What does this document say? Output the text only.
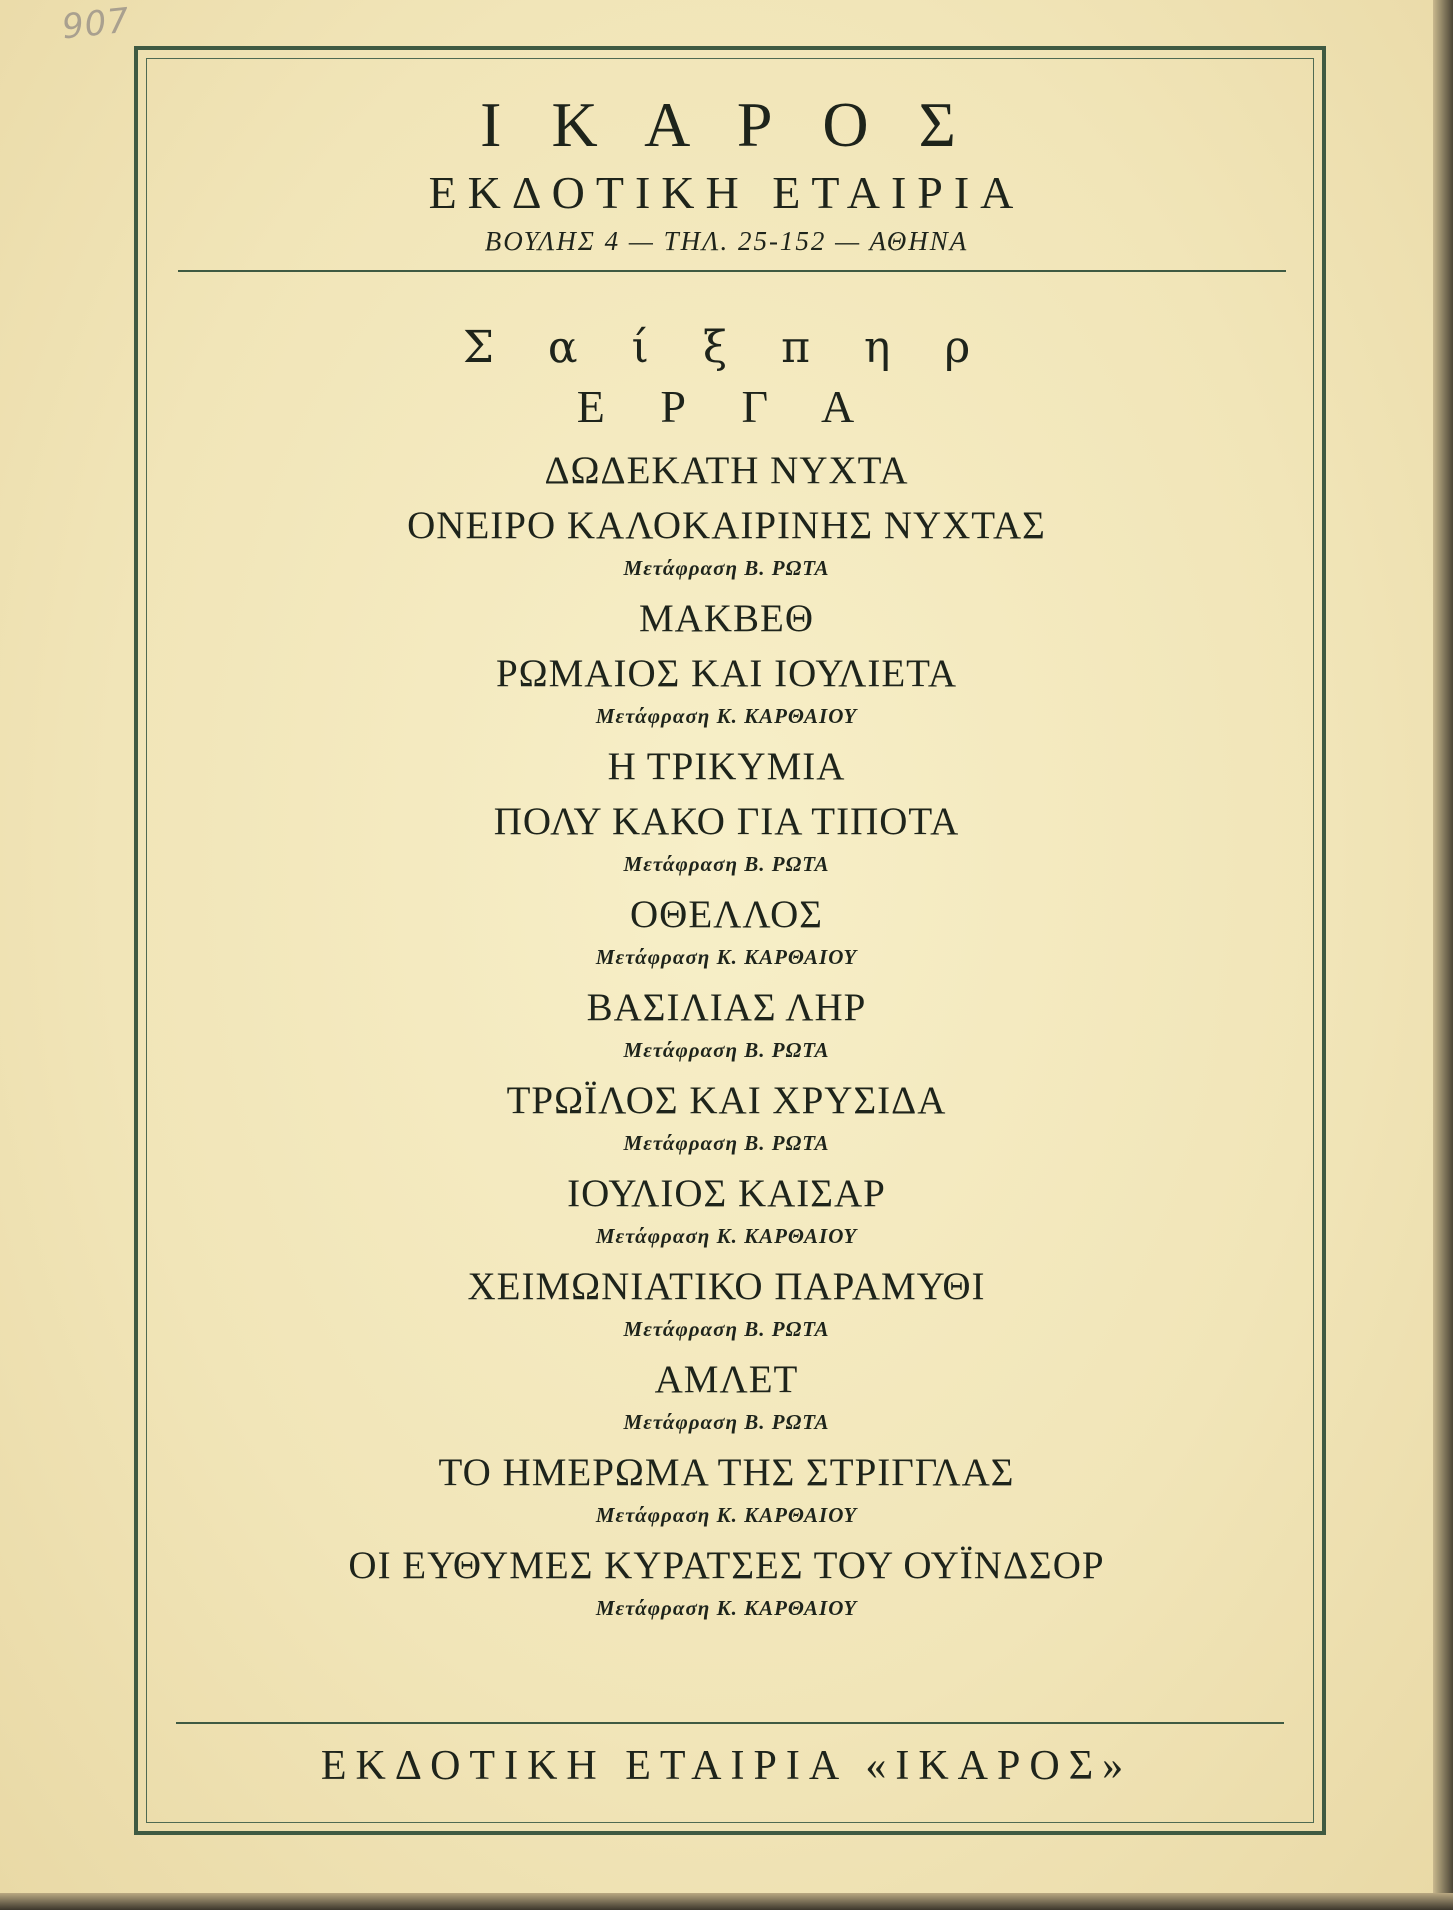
907
Ι Κ Α Ρ Ο Σ
ΕΚΔΟΤΙΚΗ ΕΤΑΙΡΙΑ
ΒΟΥΛΗΣ 4 — ΤΗΛ. 25-152 — ΑΘΗΝΑ
Σ α ί ξ π η ρ
Ε Ρ Γ Α
ΔΩΔΕΚΑΤΗ ΝΥΧΤΑ
ΟΝΕΙΡΟ ΚΑΛΟΚΑΙΡΙΝΗΣ ΝΥΧΤΑΣ
Μετάφραση Β. ΡΩΤΑ
ΜΑΚΒΕΘ
ΡΩΜΑΙΟΣ ΚΑΙ ΙΟΥΛΙΕΤΑ
Μετάφραση Κ. ΚΑΡΘΑΙΟΥ
Η ΤΡΙΚΥΜΙΑ
ΠΟΛΥ ΚΑΚΟ ΓΙΑ ΤΙΠΟΤΑ
Μετάφραση Β. ΡΩΤΑ
ΟΘΕΛΛΟΣ
Μετάφραση Κ. ΚΑΡΘΑΙΟΥ
ΒΑΣΙΛΙΑΣ ΛΗΡ
Μετάφραση Β. ΡΩΤΑ
ΤΡΩΪΛΟΣ ΚΑΙ ΧΡΥΣΙΔΑ
Μετάφραση Β. ΡΩΤΑ
ΙΟΥΛΙΟΣ ΚΑΙΣΑΡ
Μετάφραση Κ. ΚΑΡΘΑΙΟΥ
ΧΕΙΜΩΝΙΑΤΙΚΟ ΠΑΡΑΜΥΘΙ
Μετάφραση Β. ΡΩΤΑ
ΑΜΛΕΤ
Μετάφραση Β. ΡΩΤΑ
ΤΟ ΗΜΕΡΩΜΑ ΤΗΣ ΣΤΡΙΓΓΛΑΣ
Μετάφραση Κ. ΚΑΡΘΑΙΟΥ
ΟΙ ΕΥΘΥΜΕΣ ΚΥΡΑΤΣΕΣ ΤΟΥ ΟΥΪΝΔΣΟΡ
Μετάφραση Κ. ΚΑΡΘΑΙΟΥ
ΕΚΔΟΤΙΚΗ ΕΤΑΙΡΙΑ «ΙΚΑΡΟΣ»
